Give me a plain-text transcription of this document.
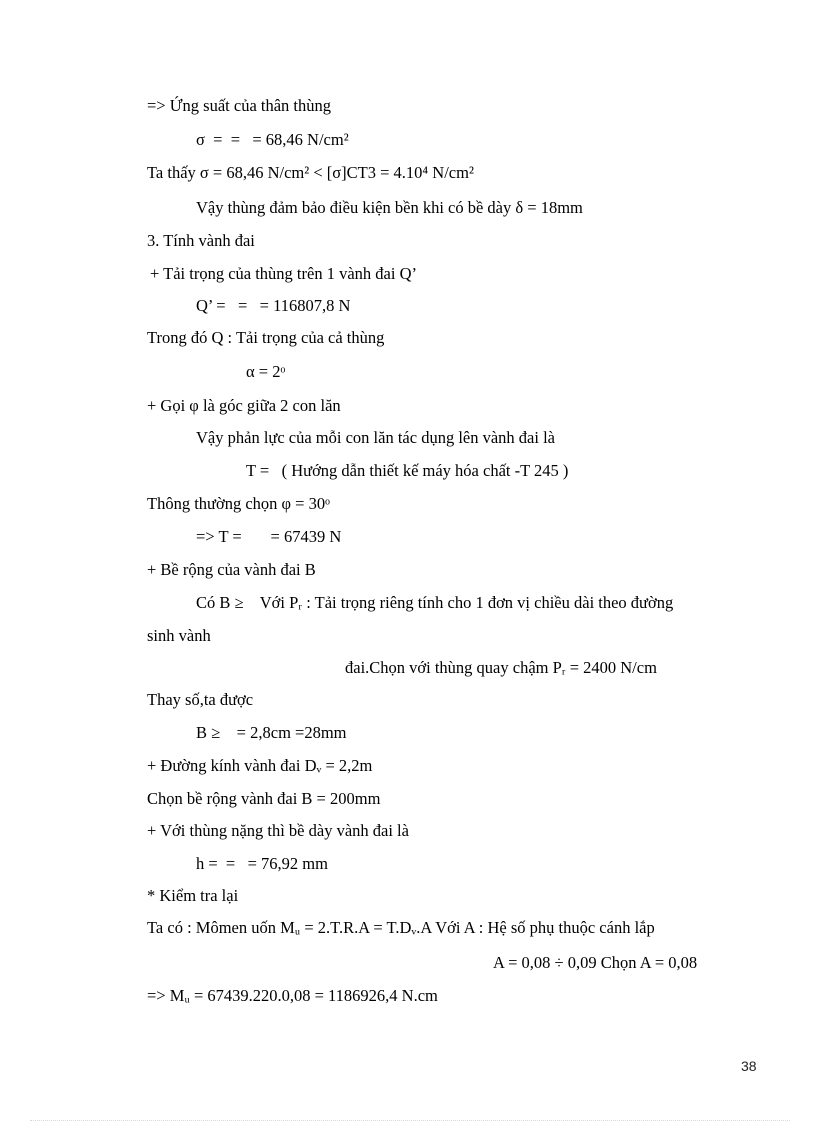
=> Ứng suất của thân thùng
σ  =  =   = 68,46 N/cm²
Ta thấy σ = 68,46 N/cm² < [σ]CT3 = 4.10⁴ N/cm²
Vậy thùng đảm bảo điều kiện bền khi có bề dày δ = 18mm
3. Tính vành đai
+ Tải trọng của thùng trên 1 vành đai Q’
Q’ =   =   = 116807,8 N
Trong đó Q : Tải trọng của cả thùng
α = 2ᵒ
+ Gọi φ là góc giữa 2 con lăn
Vậy phản lực của mỗi con lăn tác dụng lên vành đai là
T =   ( Hướng dẫn thiết kế máy hóa chất -T 245 )
Thông thường chọn φ = 30ᵒ
=> T =       = 67439 N
+ Bề rộng của vành đai B
Có B ≥    Với Pᵣ : Tải trọng riêng tính cho 1 đơn vị chiều dài theo đường
sinh vành
đai.Chọn với thùng quay chậm Pᵣ = 2400 N/cm
Thay số,ta được
B ≥    = 2,8cm =28mm
+ Đường kính vành đai Dᵥ = 2,2m
Chọn bề rộng vành đai B = 200mm
+ Với thùng nặng thì bề dày vành đai là
h =  =   = 76,92 mm
* Kiểm tra lại
Ta có : Mômen uốn Mᵤ = 2.T.R.A = T.Dᵥ.A Với A : Hệ số phụ thuộc cánh lắp
A = 0,08 ÷ 0,09 Chọn A = 0,08
=> Mᵤ = 67439.220.0,08 = 1186926,4 N.cm
38
